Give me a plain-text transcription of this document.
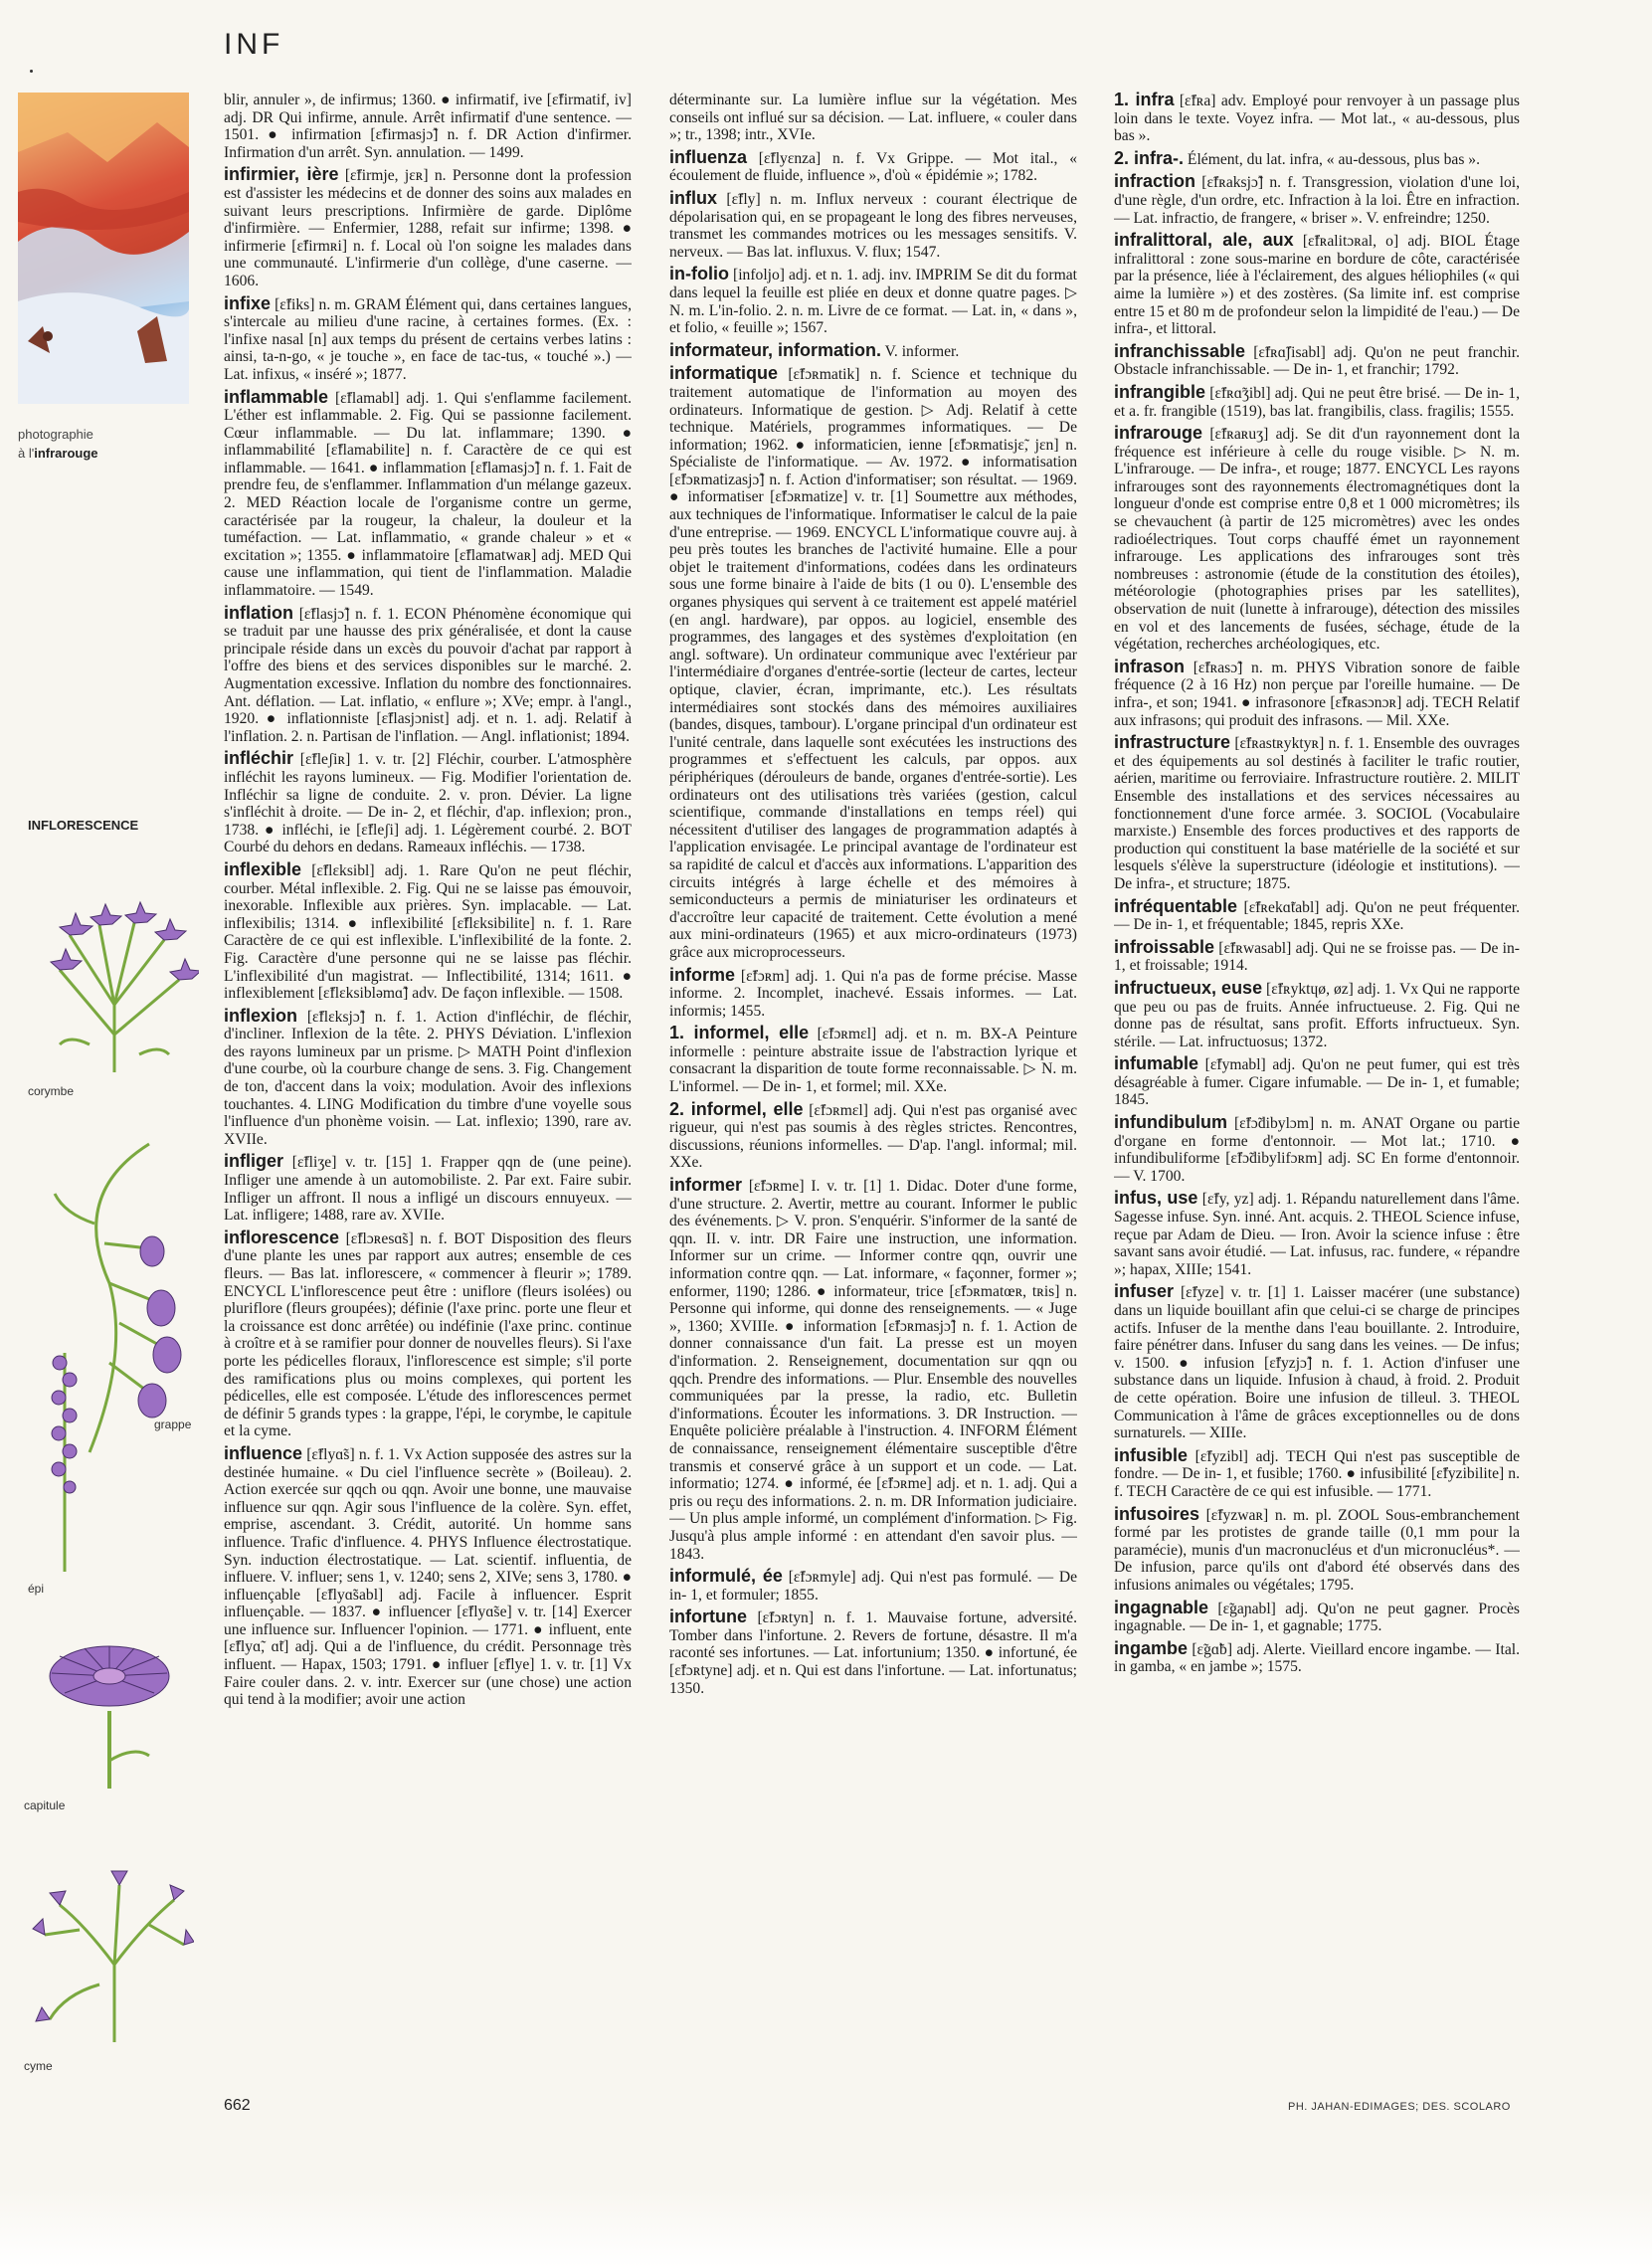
INF
photographie
à l'infrarouge
INFLORESCENCE
corymbe
grappe
épi
capitule
cyme

blir, annuler », de infirmus; 1360. ● infirmatif, ive [ɛ̃firmatif, iv] adj. DR Qui infirme, annule. Arrêt infirmatif d'une sentence. — 1501. ● infirmation [ɛ̃firmasjɔ̃] n. f. DR Action d'infirmer. Infirmation d'un arrêt. Syn. annulation. — 1499.

infirmier, ière [ɛ̃firmje, jɛʀ] n. Personne dont la profession est d'assister les médecins et de donner des soins aux malades en suivant leurs prescriptions. Infirmière de garde. Diplôme d'infirmière. — Enfermier, 1288, refait sur infirme; 1398. ● infirmerie [ɛ̃firmʀi] n. f. Local où l'on soigne les malades dans une communauté. L'infirmerie d'un collège, d'une caserne. — 1606.

infixe [ɛ̃fiks] n. m. GRAM Élément qui, dans certaines langues, s'intercale au milieu d'une racine, à certaines formes. (Ex. : l'infixe nasal [n] aux temps du présent de certains verbes latins : ainsi, ta-n-go, « je touche », en face de tac-tus, « touché ».) — Lat. infixus, « inséré »; 1877.

inflammable [ɛ̃flamabl] adj. 1. Qui s'enflamme facilement. L'éther est inflammable. 2. Fig. Qui se passionne facilement. Cœur inflammable. — Du lat. inflammare; 1390. ● inflammabilité [ɛ̃flamabilite] n. f. Caractère de ce qui est inflammable. — 1641. ● inflammation [ɛ̃flamasjɔ̃] n. f. 1. Fait de prendre feu, de s'enflammer. Inflammation d'un mélange gazeux. 2. MED Réaction locale de l'organisme contre un germe, caractérisée par la rougeur, la chaleur, la douleur et la tuméfaction. — Lat. inflammatio, « grande chaleur » et « excitation »; 1355. ● inflammatoire [ɛ̃flamatwaʀ] adj. MED Qui cause une inflammation, qui tient de l'inflammation. Maladie inflammatoire. — 1549.

inflation [ɛ̃flasjɔ̃] n. f. 1. ECON Phénomène économique qui se traduit par une hausse des prix généralisée, et dont la cause principale réside dans un excès du pouvoir d'achat par rapport à l'offre des biens et des services disponibles sur le marché. 2. Augmentation excessive. Inflation du nombre des fonctionnaires. Ant. déflation. — Lat. inflatio, « enflure »; XVe; empr. à l'angl., 1920. ● inflationniste [ɛ̃flasjɔnist] adj. et n. 1. adj. Relatif à l'inflation. 2. n. Partisan de l'inflation. — Angl. inflationist; 1894.

infléchir [ɛ̃fleʃiʀ] 1. v. tr. [2] Fléchir, courber. L'atmosphère infléchit les rayons lumineux. — Fig. Modifier l'orientation de. Infléchir sa ligne de conduite. 2. v. pron. Dévier. La ligne s'infléchit à droite. — De in- 2, et fléchir, d'ap. inflexion; pron., 1738. ● infléchi, ie [ɛ̃fleʃi] adj. 1. Légèrement courbé. 2. BOT Courbé du dehors en dedans. Rameaux infléchis. — 1738.

inflexible [ɛ̃flɛksibl] adj. 1. Rare Qu'on ne peut fléchir, courber. Métal inflexible. 2. Fig. Qui ne se laisse pas émouvoir, inexorable. Inflexible aux prières. Syn. implacable. — Lat. inflexibilis; 1314. ● inflexibilité [ɛ̃flɛksibilite] n. f. 1. Rare Caractère de ce qui est inflexible. L'inflexibilité de la fonte. 2. Fig. Caractère d'une personne qui ne se laisse pas fléchir. L'inflexibilité d'un magistrat. — Inflectibilité, 1314; 1611. ● inflexiblement [ɛ̃flɛksibləmɑ̃] adv. De façon inflexible. — 1508.

inflexion [ɛ̃flɛksjɔ̃] n. f. 1. Action d'infléchir, de fléchir, d'incliner. Inflexion de la tête. 2. PHYS Déviation. L'inflexion des rayons lumineux par un prisme. ▷ MATH Point d'inflexion d'une courbe, où la courbure change de sens. 3. Fig. Changement de ton, d'accent dans la voix; modulation. Avoir des inflexions touchantes. 4. LING Modification du timbre d'une voyelle sous l'influence d'un phonème voisin. — Lat. inflexio; 1390, rare av. XVIIe.

infliger [ɛ̃fliʒe] v. tr. [15] 1. Frapper qqn de (une peine). Infliger une amende à un automobiliste. 2. Par ext. Faire subir. Infliger un affront. Il nous a infligé un discours ennuyeux. — Lat. infligere; 1488, rare av. XVIIe.

inflorescence [ɛ̃flɔʀesɑ̃s] n. f. BOT Disposition des fleurs d'une plante les unes par rapport aux autres; ensemble de ces fleurs. — Bas lat. inflorescere, « commencer à fleurir »; 1789. ENCYCL L'inflorescence peut être : uniflore (fleurs isolées) ou pluriflore (fleurs groupées); définie (l'axe princ. porte une fleur et la croissance est donc arrêtée) ou indéfinie (l'axe princ. continue à croître et à se ramifier pour donner de nouvelles fleurs). Si l'axe porte les pédicelles floraux, l'inflorescence est simple; s'il porte des ramifications plus ou moins complexes, qui portent les pédicelles, elle est composée. L'étude des inflorescences permet de définir 5 grands types : la grappe, l'épi, le corymbe, le capitule et la cyme.

influence [ɛ̃flyɑ̃s] n. f. 1. Vx Action supposée des astres sur la destinée humaine. « Du ciel l'influence secrète » (Boileau). 2. Action exercée sur qqch ou qqn. Avoir une bonne, une mauvaise influence sur qqn. Agir sous l'influence de la colère. Syn. effet, emprise, ascendant. 3. Crédit, autorité. Un homme sans influence. Trafic d'influence. 4. PHYS Influence électrostatique. Syn. induction électrostatique. — Lat. scientif. influentia, de influere. V. influer; sens 1, v. 1240; sens 2, XIVe; sens 3, 1780. ● influençable [ɛ̃flyɑ̃sabl] adj. Facile à influencer. Esprit influençable. — 1837. ● influencer [ɛ̃flyɑ̃se] v. tr. [14] Exercer une influence sur. Influencer l'opinion. — 1771. ● influent, ente [ɛ̃flyɑ̃, ɑ̃t] adj. Qui a de l'influence, du crédit. Personnage très influent. — Hapax, 1503; 1791. ● influer [ɛ̃flye] 1. v. tr. [1] Vx Faire couler dans. 2. v. intr. Exercer sur (une chose) une action qui tend à la modifier; avoir une action

déterminante sur. La lumière influe sur la végétation. Mes conseils ont influé sur sa décision. — Lat. influere, « couler dans »; tr., 1398; intr., XVIe.

influenza [ɛ̃flyɛnza] n. f. Vx Grippe. — Mot ital., « écoulement de fluide, influence », d'où « épidémie »; 1782.

influx [ɛ̃fly] n. m. Influx nerveux : courant électrique de dépolarisation qui, en se propageant le long des fibres nerveuses, transmet les commandes motrices ou les messages sensitifs. V. nerveux. — Bas lat. influxus. V. flux; 1547.

in-folio [infoljo] adj. et n. 1. adj. inv. IMPRIM Se dit du format dans lequel la feuille est pliée en deux et donne quatre pages. ▷ N. m. L'in-folio. 2. n. m. Livre de ce format. — Lat. in, « dans », et folio, « feuille »; 1567.

informateur, information. V. informer.

informatique [ɛ̃fɔʀmatik] n. f. Science et technique du traitement automatique de l'information au moyen des ordinateurs. Informatique de gestion. ▷ Adj. Relatif à cette technique. Matériels, programmes informatiques. — De information; 1962. ● informaticien, ienne [ɛ̃fɔʀmatisjɛ̃, jɛn] n. Spécialiste de l'informatique. — Av. 1972. ● informatisation [ɛ̃fɔʀmatizasjɔ̃] n. f. Action d'informatiser; son résultat. — 1969. ● informatiser [ɛ̃fɔʀmatize] v. tr. [1] Soumettre aux méthodes, aux techniques de l'informatique. Informatiser le calcul de la paie d'une entreprise. — 1969. ENCYCL L'informatique couvre auj. à peu près toutes les branches de l'activité humaine. Elle a pour objet le traitement d'informations, codées dans les ordinateurs sous une forme binaire à l'aide de bits (1 ou 0). L'ensemble des organes physiques qui servent à ce traitement est appelé matériel (en angl. hardware), par oppos. au logiciel, ensemble des programmes, des langages et des systèmes d'exploitation (en angl. software). Un ordinateur communique avec l'extérieur par l'intermédiaire d'organes d'entrée-sortie (lecteur de cartes, lecteur optique, clavier, écran, imprimante, etc.). Les résultats intermédiaires sont stockés dans des mémoires auxiliaires (bandes, disques, tambour). L'organe principal d'un ordinateur est l'unité centrale, dans laquelle sont exécutées les instructions des programmes et s'effectuent les calculs, par oppos. aux périphériques (dérouleurs de bande, organes d'entrée-sortie). Les ordinateurs ont des utilisations très variées (gestion, calcul scientifique, commande d'installations en temps réel) qui nécessitent d'utiliser des langages de programmation adaptés à l'application envisagée. Le principal avantage de l'ordinateur est sa rapidité de calcul et d'accès aux informations. L'apparition des circuits intégrés à large échelle et des mémoires à semiconducteurs a permis de miniaturiser les ordinateurs et d'accroître leur capacité de traitement. Cette évolution a mené aux mini-ordinateurs (1965) et aux micro-ordinateurs (1973) grâce aux microprocesseurs.

informe [ɛ̃fɔʀm] adj. 1. Qui n'a pas de forme précise. Masse informe. 2. Incomplet, inachevé. Essais informes. — Lat. informis; 1455.

1. informel, elle [ɛ̃fɔʀmɛl] adj. et n. m. BX-A Peinture informelle : peinture abstraite issue de l'abstraction lyrique et consacrant la disparition de toute forme reconnaissable. ▷ N. m. L'informel. — De in- 1, et formel; mil. XXe.

2. informel, elle [ɛ̃fɔʀmɛl] adj. Qui n'est pas organisé avec rigueur, qui n'est pas soumis à des règles strictes. Rencontres, discussions, réunions informelles. — D'ap. l'angl. informal; mil. XXe.

informer [ɛ̃fɔʀme] I. v. tr. [1] 1. Didac. Doter d'une forme, d'une structure. 2. Avertir, mettre au courant. Informer le public des événements. ▷ V. pron. S'enquérir. S'informer de la santé de qqn. II. v. intr. DR Faire une instruction, une information. Informer sur un crime. — Informer contre qqn, ouvrir une information contre qqn. — Lat. informare, « façonner, former »; enformer, 1190; 1286. ● informateur, trice [ɛ̃fɔʀmatœʀ, tʀis] n. Personne qui informe, qui donne des renseignements. — « Juge », 1360; XVIIIe. ● information [ɛ̃fɔʀmasjɔ̃] n. f. 1. Action de donner connaissance d'un fait. La presse est un moyen d'information. 2. Renseignement, documentation sur qqn ou qqch. Prendre des informations. — Plur. Ensemble des nouvelles communiquées par la presse, la radio, etc. Bulletin d'informations. Écouter les informations. 3. DR Instruction. — Enquête policière préalable à l'instruction. 4. INFORM Élément de connaissance, renseignement élémentaire susceptible d'être transmis et conservé grâce à un support et un code. — Lat. informatio; 1274. ● informé, ée [ɛ̃fɔʀme] adj. et n. 1. adj. Qui a pris ou reçu des informations. 2. n. m. DR Information judiciaire. — Un plus ample informé, un complément d'information. ▷ Fig. Jusqu'à plus ample informé : en attendant d'en savoir plus. — 1843.

informulé, ée [ɛ̃fɔʀmyle] adj. Qui n'est pas formulé. — De in- 1, et formuler; 1855.

infortune [ɛ̃fɔʀtyn] n. f. 1. Mauvaise fortune, adversité. Tomber dans l'infortune. 2. Revers de fortune, désastre. Il m'a raconté ses infortunes. — Lat. infortunium; 1350. ● infortuné, ée [ɛ̃fɔʀtyne] adj. et n. Qui est dans l'infortune. — Lat. infortunatus; 1350.

1. infra [ɛ̃fʀa] adv. Employé pour renvoyer à un passage plus loin dans le texte. Voyez infra. — Mot lat., « au-dessous, plus bas ».

2. infra-. Élément, du lat. infra, « au-dessous, plus bas ».

infraction [ɛ̃fʀaksjɔ̃] n. f. Transgression, violation d'une loi, d'une règle, d'un ordre, etc. Infraction à la loi. Être en infraction. — Lat. infractio, de frangere, « briser ». V. enfreindre; 1250.

infralittoral, ale, aux [ɛ̃fʀalitɔʀal, o] adj. BIOL Étage infralittoral : zone sous-marine en bordure de côte, caractérisée par la présence, liée à l'éclairement, des algues héliophiles (« qui aime la lumière ») et des zostères. (Sa limite inf. est comprise entre 15 et 80 m de profondeur selon la limpidité de l'eau.) — De infra-, et littoral.

infranchissable [ɛ̃fʀɑ̃ʃisabl] adj. Qu'on ne peut franchir. Obstacle infranchissable. — De in- 1, et franchir; 1792.

infrangible [ɛ̃fʀɑ̃ʒibl] adj. Qui ne peut être brisé. — De in- 1, et a. fr. frangible (1519), bas lat. frangibilis, class. fragilis; 1555.

infrarouge [ɛ̃fʀaʀuʒ] adj. Se dit d'un rayonnement dont la fréquence est inférieure à celle du rouge visible. ▷ N. m. L'infrarouge. — De infra-, et rouge; 1877. ENCYCL Les rayons infrarouges sont des rayonnements électromagnétiques dont la longueur d'onde est comprise entre 0,8 et 1 000 micromètres; ils se chevauchent (à partir de 125 micromètres) avec les ondes radioélectriques. Tout corps chauffé émet un rayonnement infrarouge. Les applications des infrarouges sont très nombreuses : astronomie (étude de la constitution des étoiles), météorologie (photographies prises par les satellites), observation de nuit (lunette à infrarouge), détection des missiles en vol et des lancements de fusées, séchage, étude de la végétation, recherches archéologiques, etc.

infrason [ɛ̃fʀasɔ̃] n. m. PHYS Vibration sonore de faible fréquence (2 à 16 Hz) non perçue par l'oreille humaine. — De infra-, et son; 1941. ● infrasonore [ɛ̃fʀasɔnɔʀ] adj. TECH Relatif aux infrasons; qui produit des infrasons. — Mil. XXe.

infrastructure [ɛ̃fʀastʀyktyʀ] n. f. 1. Ensemble des ouvrages et des équipements au sol destinés à faciliter le trafic routier, aérien, maritime ou ferroviaire. Infrastructure routière. 2. MILIT Ensemble des installations et des services nécessaires au fonctionnement d'une force armée. 3. SOCIOL (Vocabulaire marxiste.) Ensemble des forces productives et des rapports de production qui constituent la base matérielle de la société et sur lesquels s'élève la superstructure (idéologie et institutions). — De infra-, et structure; 1875.

infréquentable [ɛ̃fʀekɑ̃tabl] adj. Qu'on ne peut fréquenter. — De in- 1, et fréquentable; 1845, repris XXe.

infroissable [ɛ̃fʀwasabl] adj. Qui ne se froisse pas. — De in- 1, et froissable; 1914.

infructueux, euse [ɛ̃fʀyktɥø, øz] adj. 1. Vx Qui ne rapporte que peu ou pas de fruits. Année infructueuse. 2. Fig. Qui ne donne pas de résultat, sans profit. Efforts infructueux. Syn. stérile. — Lat. infructuosus; 1372.

infumable [ɛ̃fymabl] adj. Qu'on ne peut fumer, qui est très désagréable à fumer. Cigare infumable. — De in- 1, et fumable; 1845.

infundibulum [ɛ̃fɔ̃dibylɔm] n. m. ANAT Organe ou partie d'organe en forme d'entonnoir. — Mot lat.; 1710. ● infundibuliforme [ɛ̃fɔ̃dibylifɔʀm] adj. SC En forme d'entonnoir. — V. 1700.

infus, use [ɛ̃fy, yz] adj. 1. Répandu naturellement dans l'âme. Sagesse infuse. Syn. inné. Ant. acquis. 2. THEOL Science infuse, reçue par Adam de Dieu. — Iron. Avoir la science infuse : être savant sans avoir étudié. — Lat. infusus, rac. fundere, « répandre »; hapax, XIIIe; 1541.

infuser [ɛ̃fyze] v. tr. [1] 1. Laisser macérer (une substance) dans un liquide bouillant afin que celui-ci se charge de principes actifs. Infuser de la menthe dans l'eau bouillante. 2. Introduire, faire pénétrer dans. Infuser du sang dans les veines. — De infus; v. 1500. ● infusion [ɛ̃fyzjɔ̃] n. f. 1. Action d'infuser une substance dans un liquide. Infusion à chaud, à froid. 2. Produit de cette opération. Boire une infusion de tilleul. 3. THEOL Communication à l'âme de grâces exceptionnelles ou de dons surnaturels. — XIIIe.

infusible [ɛ̃fyzibl] adj. TECH Qui n'est pas susceptible de fondre. — De in- 1, et fusible; 1760. ● infusibilité [ɛ̃fyzibilite] n. f. TECH Caractère de ce qui est infusible. — 1771.

infusoires [ɛ̃fyzwaʀ] n. m. pl. ZOOL Sous-embranchement formé par les protistes de grande taille (0,1 mm pour la paramécie), munis d'un macronucléus et d'un micronucléus*. — De infusion, parce qu'ils ont d'abord été observés dans des infusions animales ou végétales; 1795.

ingagnable [ɛ̃gaɲabl] adj. Qu'on ne peut gagner. Procès ingagnable. — De in- 1, et gagnable; 1775.

ingambe [ɛ̃gɑ̃b] adj. Alerte. Vieillard encore ingambe. — Ital. in gamba, « en jambe »; 1575.

662	PH. JAHAN-EDIMAGES; DES. SCOLARO
